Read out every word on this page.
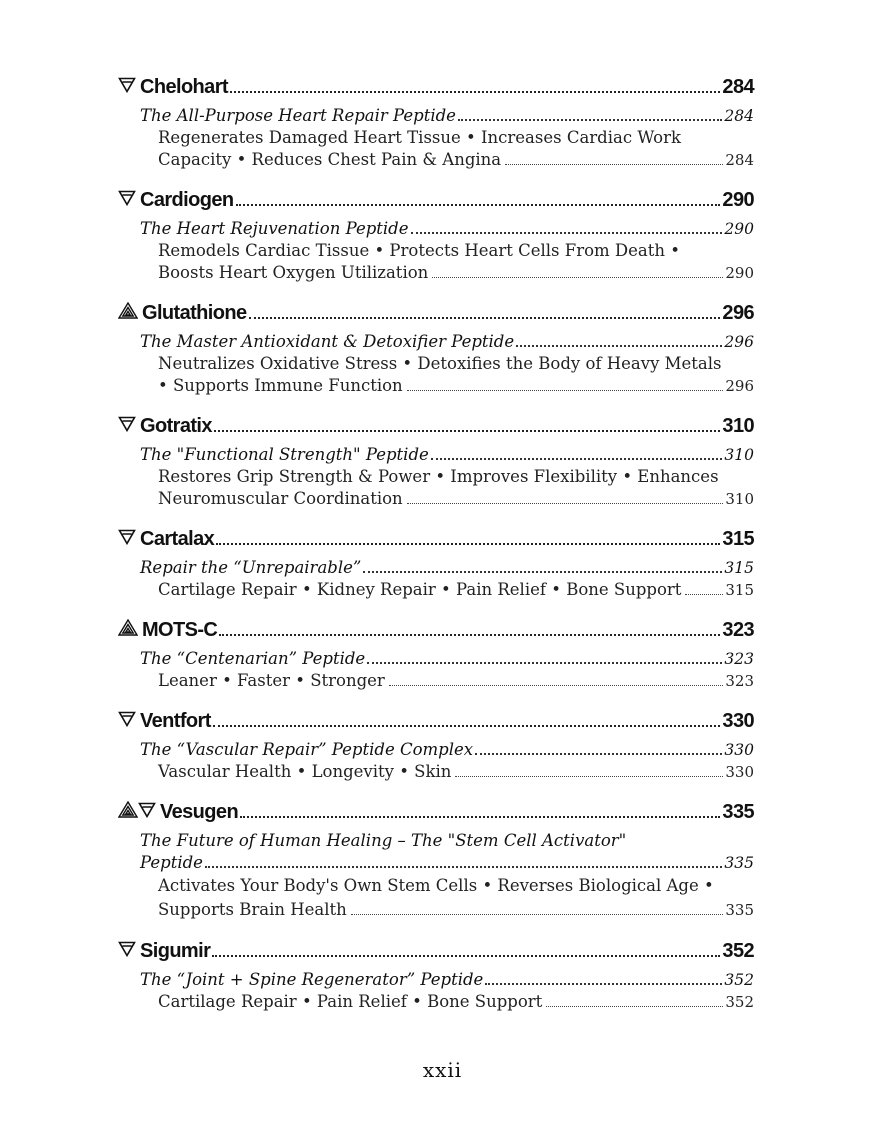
Chelohart	284
The All-Purpose Heart Repair Peptide	284
Regenerates Damaged Heart Tissue • Increases Cardiac Work
Capacity • Reduces Chest Pain & Angina	284
Cardiogen	290
The Heart Rejuvenation Peptide	290
Remodels Cardiac Tissue • Protects Heart Cells From Death •
Boosts Heart Oxygen Utilization	290
Glutathione	296
The Master Antioxidant & Detoxifier Peptide	296
Neutralizes Oxidative Stress • Detoxifies the Body of Heavy Metals
• Supports Immune Function	296
Gotratix	310
The "Functional Strength" Peptide	310
Restores Grip Strength & Power • Improves Flexibility • Enhances
Neuromuscular Coordination	310
Cartalax	315
Repair the “Unrepairable”	315
Cartilage Repair • Kidney Repair • Pain Relief • Bone Support	315
MOTS-C	323
The “Centenarian” Peptide	323
Leaner • Faster • Stronger	323
Ventfort	330
The “Vascular Repair” Peptide Complex	330
Vascular Health • Longevity • Skin	330
Vesugen	335
The Future of Human Healing – The "Stem Cell Activator"
Peptide	335
Activates Your Body's Own Stem Cells • Reverses Biological Age •
Supports Brain Health	335
Sigumir	352
The “Joint + Spine Regenerator” Peptide	352
Cartilage Repair • Pain Relief • Bone Support	352
xxii
